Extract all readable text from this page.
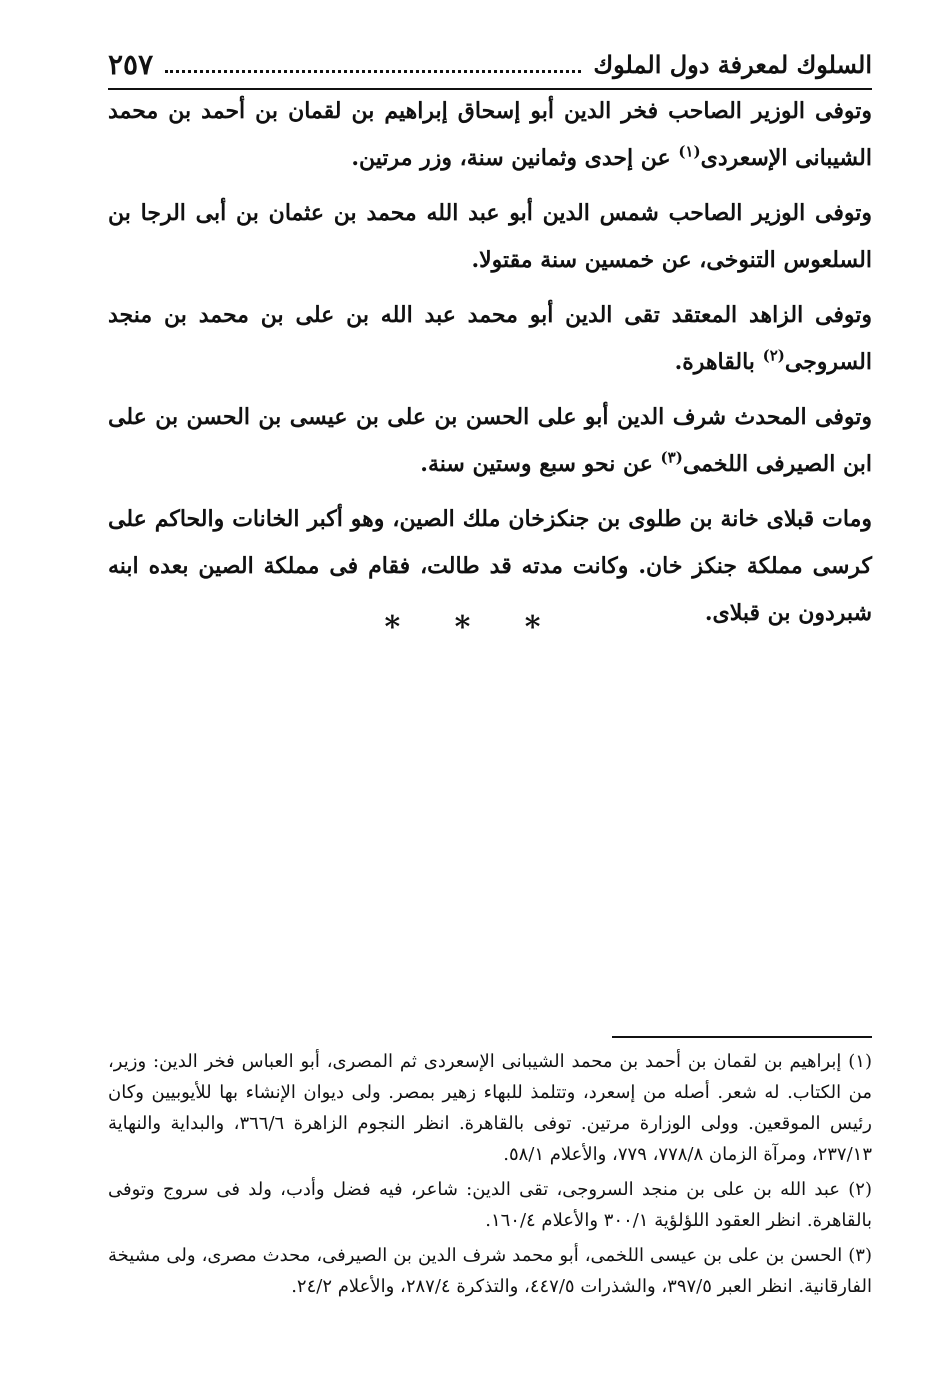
السلوك لمعرفة دول الملوك
٢٥٧

وتوفى الوزير الصاحب فخر الدين أبو إسحاق إبراهيم بن لقمان بن أحمد بن محمد الشيبانى الإسعردى$^{(١)}$ عن إحدى وثمانين سنة، وزر مرتين.

وتوفى الوزير الصاحب شمس الدين أبو عبد الله محمد بن عثمان بن أبى الرجا بن السلعوس التنوخى، عن خمسين سنة مقتولا.

وتوفى الزاهد المعتقد تقى الدين أبو محمد عبد الله بن على بن محمد بن منجد السروجى$^{(٢)}$ بالقاهرة.

وتوفى المحدث شرف الدين أبو على الحسن بن على بن عيسى بن الحسن بن على ابن الصيرفى اللخمى$^{(٣)}$ عن نحو سبع وستين سنة.

ومات قبلاى خانة بن طلوى بن جنكزخان ملك الصين، وهو أكبر الخانات والحاكم على كرسى مملكة جنكز خان. وكانت مدته قد طالت، فقام فى مملكة الصين بعده ابنه شبردون بن قبلاى.

* * *

(١) إبراهيم بن لقمان بن أحمد بن محمد الشيبانى الإسعردى ثم المصرى، أبو العباس فخر الدين: وزير، من الكتاب. له شعر. أصله من إسعرد، وتتلمذ للبهاء زهير بمصر. ولى ديوان الإنشاء بها للأيوبيين وكان رئيس الموقعين. وولى الوزارة مرتين. توفى بالقاهرة. انظر النجوم الزاهرة ٣٦٦/٦، والبداية والنهاية ٢٣٧/١٣، ومرآة الزمان ٧٧٨/٨، ٧٧٩، والأعلام ٥٨/١.

(٢) عبد الله بن على بن منجد السروجى، تقى الدين: شاعر، فيه فضل وأدب، ولد فى سروج وتوفى بالقاهرة. انظر العقود اللؤلؤية ٣٠٠/١ والأعلام ١٦٠/٤.

(٣) الحسن بن على بن عيسى اللخمى، أبو محمد شرف الدين بن الصيرفى، محدث مصرى، ولى مشيخة الفارقانية. انظر العبر ٣٩٧/٥، والشذرات ٤٤٧/٥، والتذكرة ٢٨٧/٤، والأعلام ٢٤/٢.
